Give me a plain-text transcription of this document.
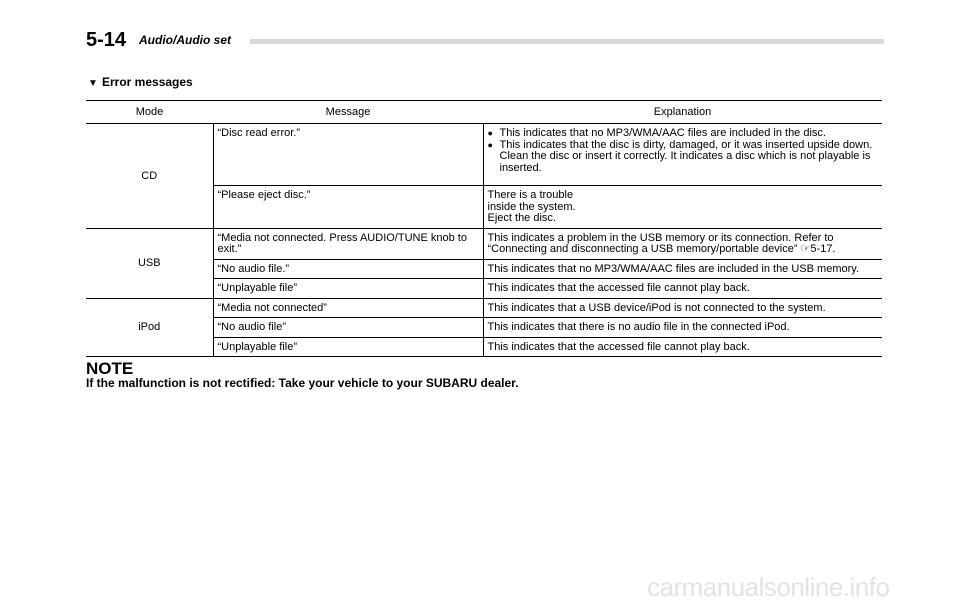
5-14 Audio/Audio set
▼ Error messages
Mode	Message	Explanation
CD	“Disc read error.”	● This indicates that no MP3/WMA/AAC files are included in the disc.
● This indicates that the disc is dirty, damaged, or it was inserted upside down. Clean the disc or insert it correctly. It indicates a disc which is not playable is inserted.

	“Please eject disc.”	There is a trouble inside the system. Eject the disc.
USB	“Media not connected. Press AUDIO/TUNE knob to exit.”	This indicates a problem in the USB memory or its connection. Refer to “Connecting and disconnecting a USB memory/portable device” ☞5-17.
	“No audio file.”	This indicates that no MP3/WMA/AAC files are included in the USB memory.
	“Unplayable file”	This indicates that the accessed file cannot play back.
iPod	“Media not connected”	This indicates that a USB device/iPod is not connected to the system.
	“No audio file”	This indicates that there is no audio file in the connected iPod.
	“Unplayable file”	This indicates that the accessed file cannot play back.
NOTE
If the malfunction is not rectified: Take your vehicle to your SUBARU dealer.
carmanualsonline.info
